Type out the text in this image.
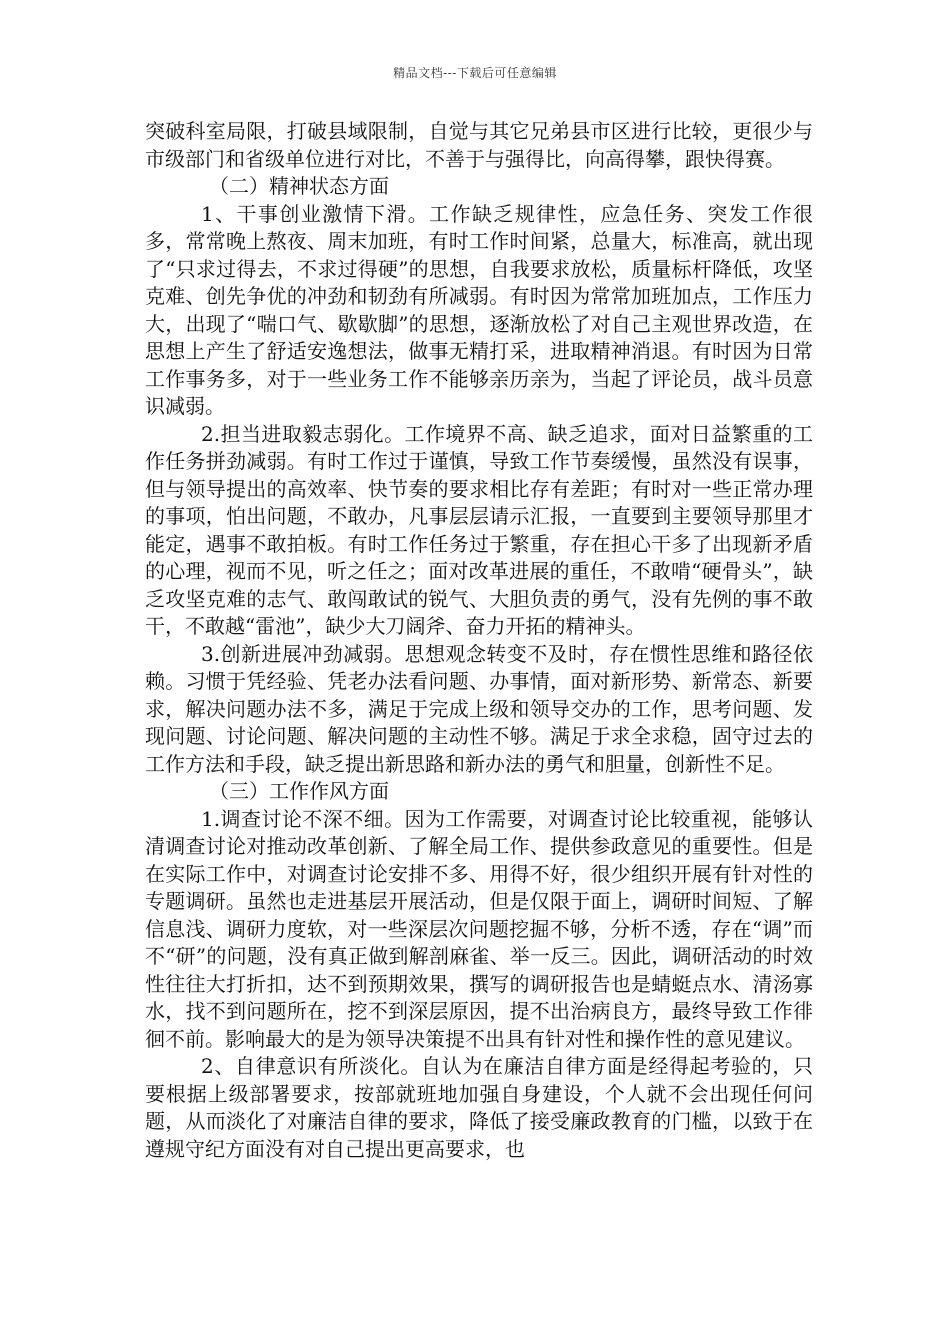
精品文档---下载后可任意编辑

突破科室局限，打破县域限制，自觉与其它兄弟县市区进行比较，更很少与市级部门和省级单位进行对比，不善于与强得比，向高得攀，跟快得赛。

（二）精神状态方面

1、干事创业激情下滑。工作缺乏规律性，应急任务、突发工作很多，常常晚上熬夜、周末加班，有时工作时间紧，总量大，标准高，就出现了“只求过得去，不求过得硬”的思想，自我要求放松，质量标杆降低，攻坚克难、创先争优的冲劲和韧劲有所减弱。有时因为常常加班加点，工作压力大，出现了“喘口气、歇歇脚”的思想，逐渐放松了对自己主观世界改造，在思想上产生了舒适安逸想法，做事无精打采，进取精神消退。有时因为日常工作事务多，对于一些业务工作不能够亲历亲为，当起了评论员，战斗员意识减弱。

2.担当进取毅志弱化。工作境界不高、缺乏追求，面对日益繁重的工作任务拼劲减弱。有时工作过于谨慎，导致工作节奏缓慢，虽然没有误事，但与领导提出的高效率、快节奏的要求相比存有差距；有时对一些正常办理的事项，怕出问题，不敢办，凡事层层请示汇报，一直要到主要领导那里才能定，遇事不敢拍板。有时工作任务过于繁重，存在担心干多了出现新矛盾的心理，视而不见，听之任之；面对改革进展的重任，不敢啃“硬骨头”，缺乏攻坚克难的志气、敢闯敢试的锐气、大胆负责的勇气，没有先例的事不敢干，不敢越“雷池”，缺少大刀阔斧、奋力开拓的精神头。

3.创新进展冲劲减弱。思想观念转变不及时，存在惯性思维和路径依赖。习惯于凭经验、凭老办法看问题、办事情，面对新形势、新常态、新要求，解决问题办法不多，满足于完成上级和领导交办的工作，思考问题、发现问题、讨论问题、解决问题的主动性不够。满足于求全求稳，固守过去的工作方法和手段，缺乏提出新思路和新办法的勇气和胆量，创新性不足。

（三）工作作风方面

1.调查讨论不深不细。因为工作需要，对调查讨论比较重视，能够认清调查讨论对推动改革创新、了解全局工作、提供参政意见的重要性。但是在实际工作中，对调查讨论安排不多、用得不好，很少组织开展有针对性的专题调研。虽然也走进基层开展活动，但是仅限于面上，调研时间短、了解信息浅、调研力度软，对一些深层次问题挖掘不够，分析不透，存在“调”而不“研”的问题，没有真正做到解剖麻雀、举一反三。因此，调研活动的时效性往往大打折扣，达不到预期效果，撰写的调研报告也是蜻蜓点水、清汤寡水，找不到问题所在，挖不到深层原因，提不出治病良方，最终导致工作徘徊不前。影响最大的是为领导决策提不出具有针对性和操作性的意见建议。

2、自律意识有所淡化。自认为在廉洁自律方面是经得起考验的，只要根据上级部署要求，按部就班地加强自身建设，个人就不会出现任何问题，从而淡化了对廉洁自律的要求，降低了接受廉政教育的门槛，以致于在遵规守纪方面没有对自己提出更高要求，也
